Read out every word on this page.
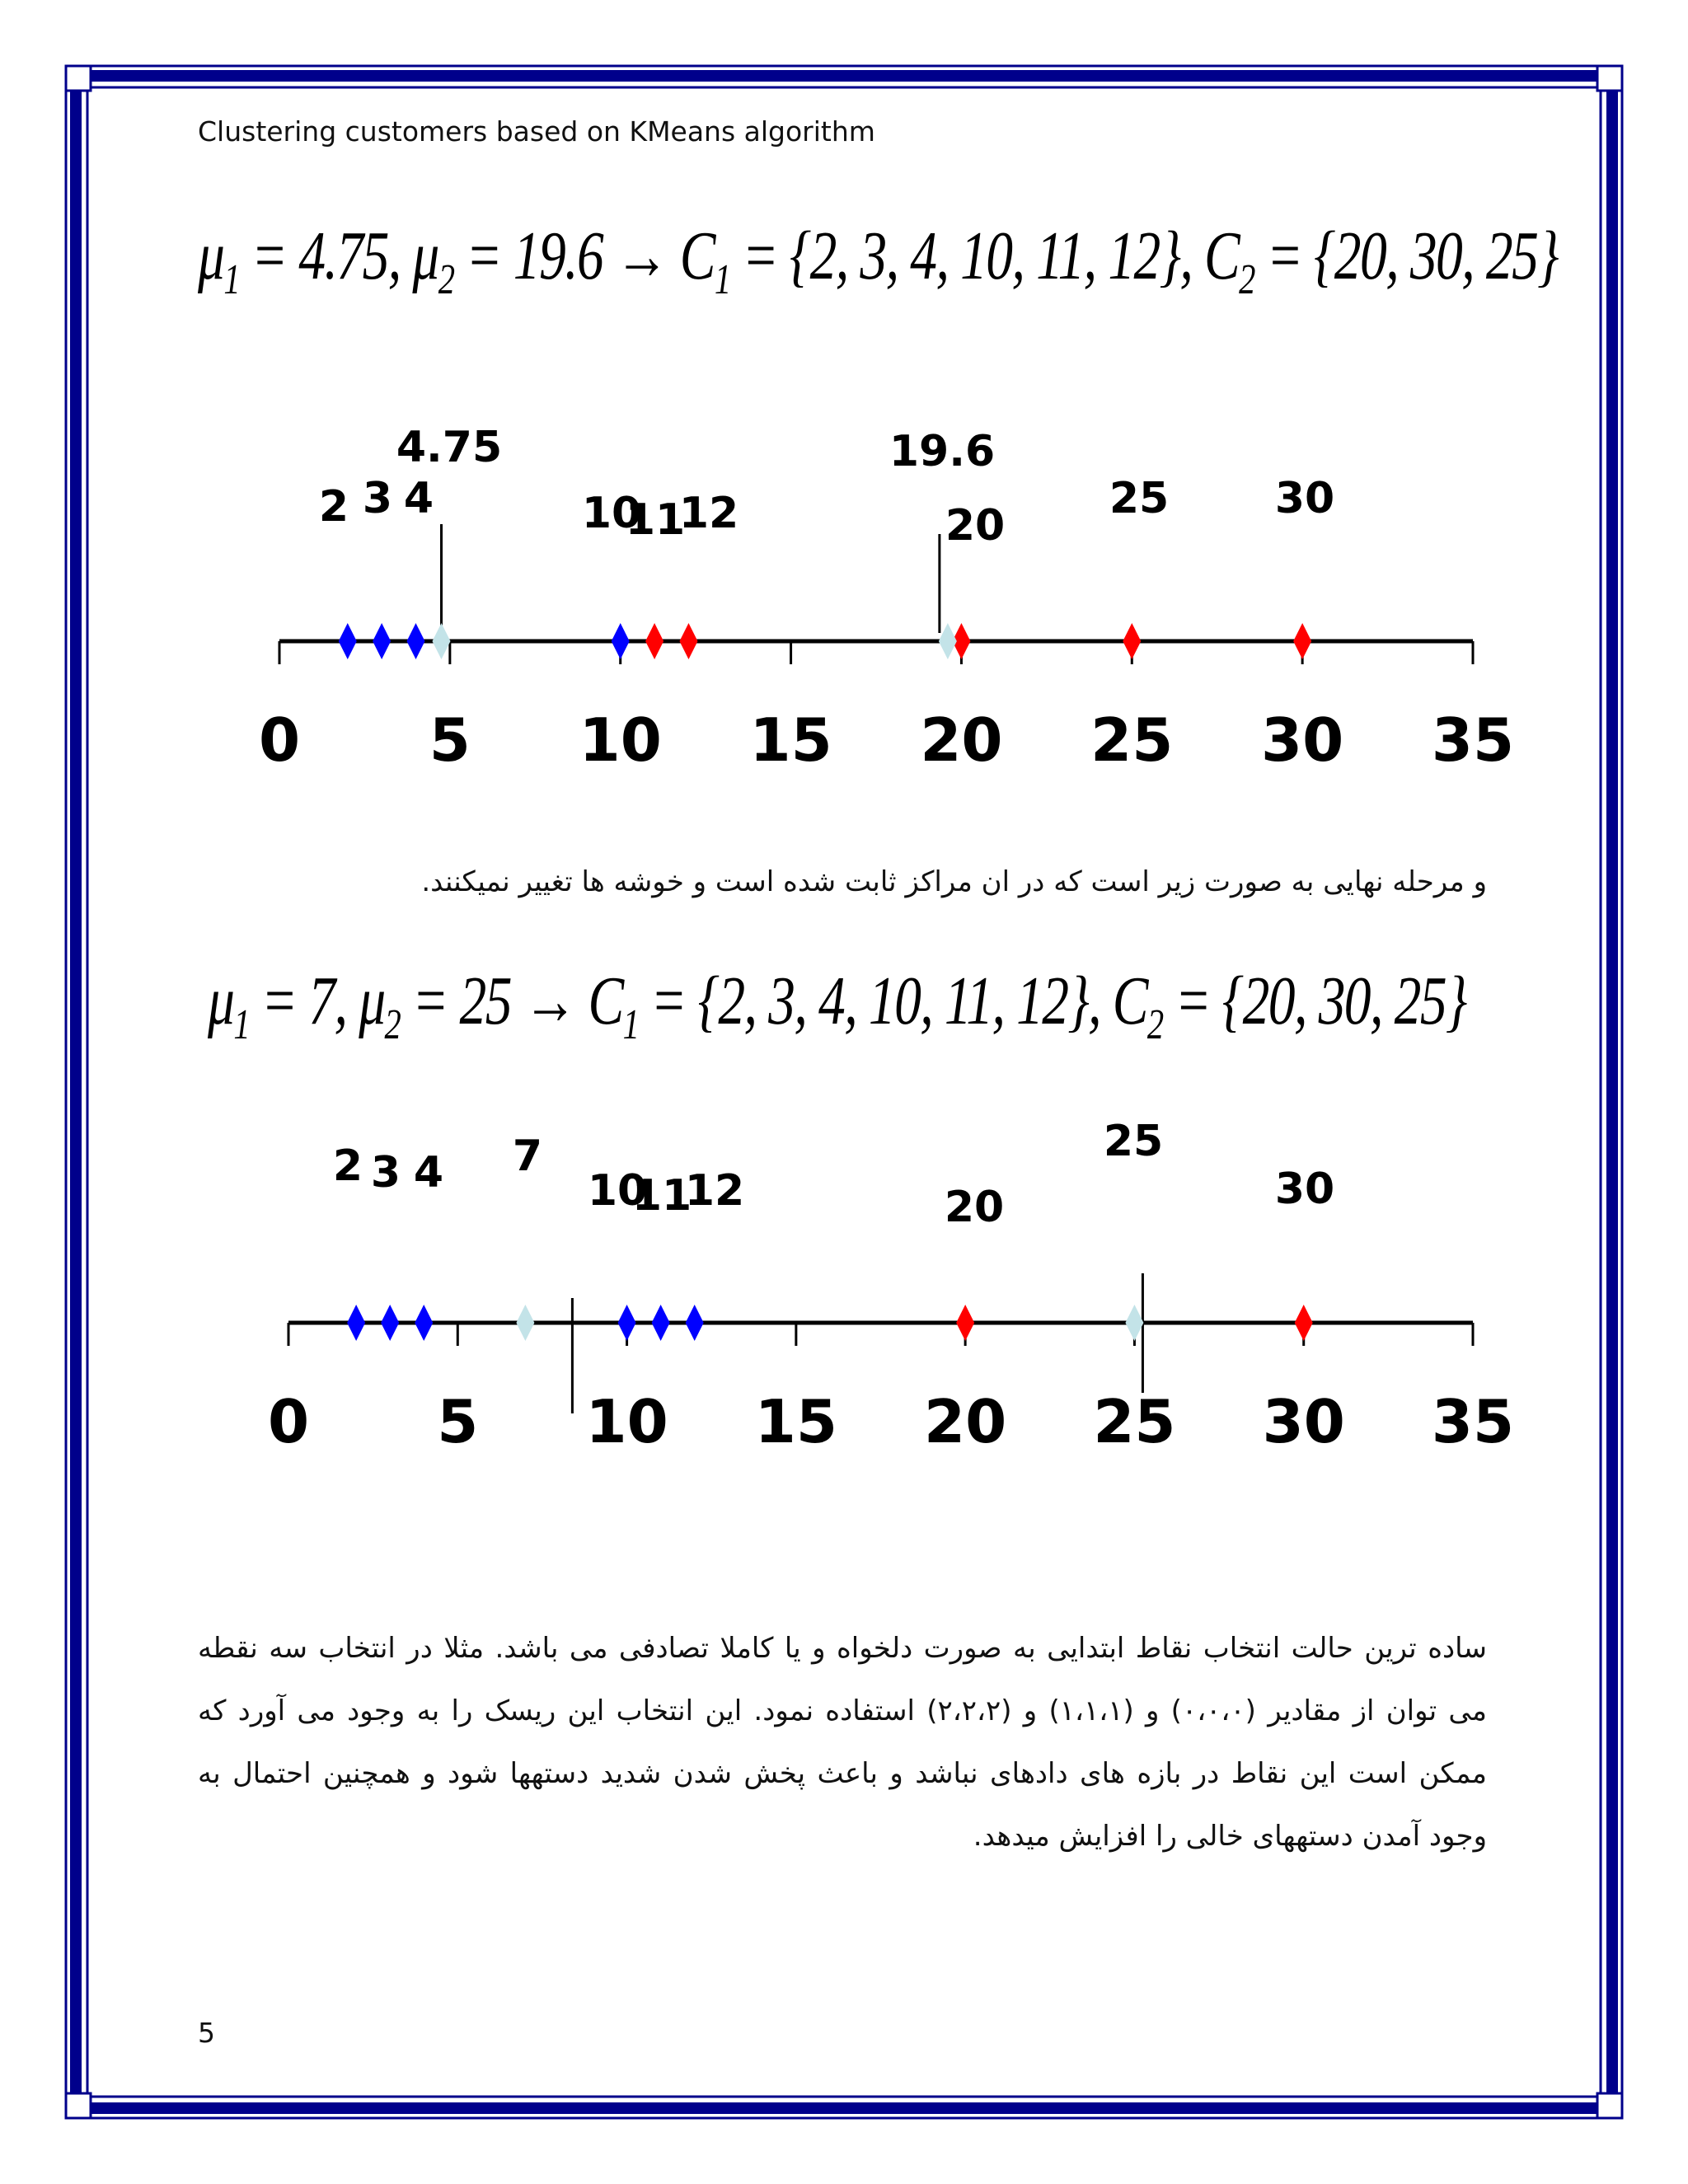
Clustering customers based on KMeans algorithm
$\mu_1 = 4.75$, $\mu_2 = 19.6 \to C_1 = \{2$, 3, 4, 10, 11, 12}, $C_2 = \{20$, 30, 25}
0 5 10 15 20 25 30 35
2 3 4	10
11
12	20
25 30
4.75	19.6
و مرحله نهایی به صورت زیر است که در ان مراکز ثابت شده است و خوشه ها تغییر نمیکنند.
$\mu_1 = 7$, $\mu_2 = 25 \to C_1 = \{2$, 3, 4, 10, 11, 12}, $C_2 = \{20$, 30, 25}
0 5 10 15 20 25 30 35
2 3 4	10
11
12	20	30
7	25
ساده ترین حالت انتخاب نقاط ابتدایی به صورت دلخواه و یا کاملا تصادفی می باشد. مثلا در انتخاب سه نقطه می توان از مقادیر (۰،۰،۰) و (۱،۱،۱) و (۲،۲،۲) استفاده نمود. این انتخاب این ریسک را به وجود می آورد که ممکن است این نقاط در بازه های دادهای نباشد و باعث پخش شدن شدید دستهها شود و همچنین احتمال به وجود آمدن دستههای خالی را افزایش میدهد.
5
